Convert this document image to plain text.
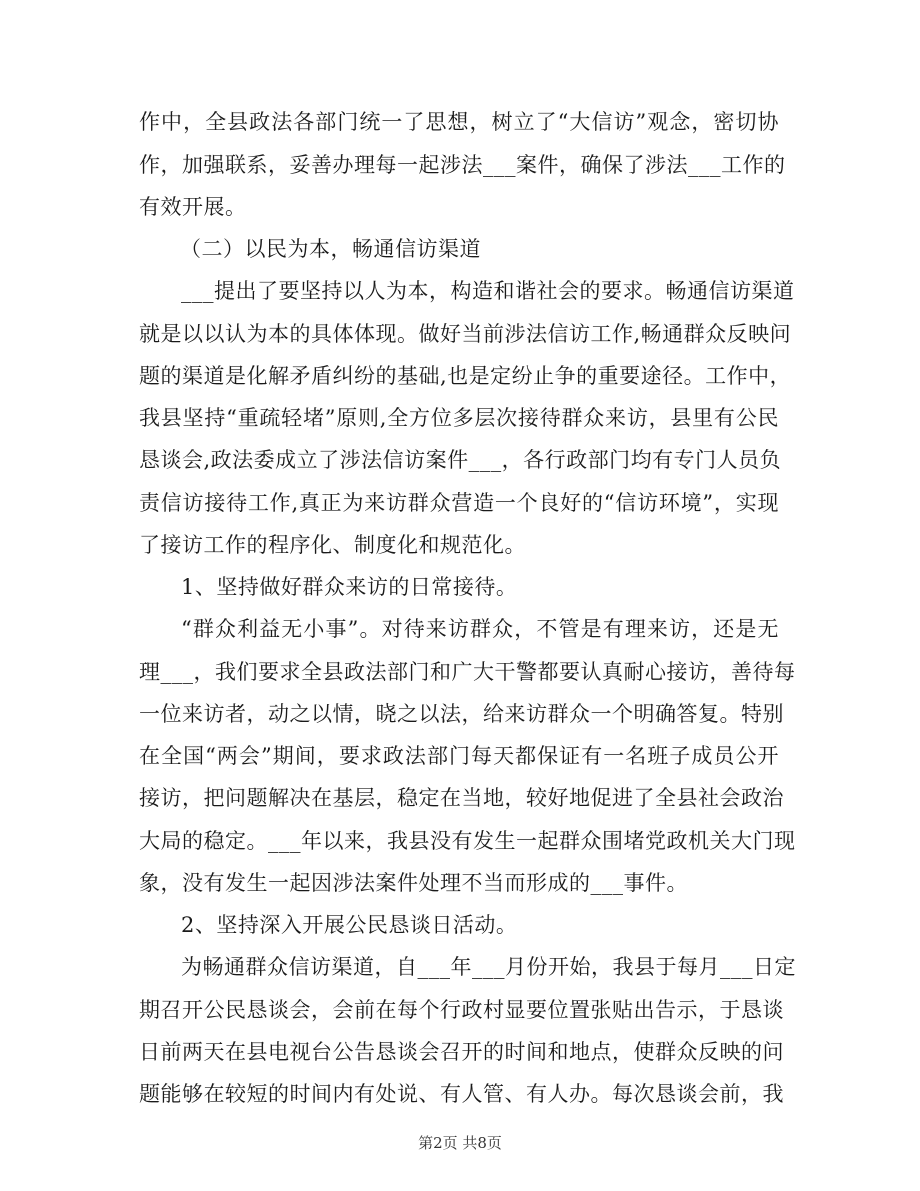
作中，全县政法各部门统一了思想，树立了“大信访”观念，密切协
作，加强联系，妥善办理每一起涉法___案件，确保了涉法___工作的
有效开展。
（二）以民为本，畅通信访渠道
___提出了要坚持以人为本，构造和谐社会的要求。畅通信访渠道
就是以以认为本的具体体现。做好当前涉法信访工作,畅通群众反映问
题的渠道是化解矛盾纠纷的基础,也是定纷止争的重要途径。工作中，
我县坚持“重疏轻堵”原则,全方位多层次接待群众来访，县里有公民
恳谈会,政法委成立了涉法信访案件___，各行政部门均有专门人员负
责信访接待工作,真正为来访群众营造一个良好的“信访环境”，实现
了接访工作的程序化、制度化和规范化。
1、坚持做好群众来访的日常接待。
“群众利益无小事”。对待来访群众，不管是有理来访，还是无
理___，我们要求全县政法部门和广大干警都要认真耐心接访，善待每
一位来访者，动之以情，晓之以法，给来访群众一个明确答复。特别
在全国“两会”期间，要求政法部门每天都保证有一名班子成员公开
接访，把问题解决在基层，稳定在当地，较好地促进了全县社会政治
大局的稳定。___年以来，我县没有发生一起群众围堵党政机关大门现
象，没有发生一起因涉法案件处理不当而形成的___事件。
2、坚持深入开展公民恳谈日活动。
为畅通群众信访渠道，自___年___月份开始，我县于每月___日定
期召开公民恳谈会，会前在每个行政村显要位置张贴出告示，于恳谈
日前两天在县电视台公告恳谈会召开的时间和地点，使群众反映的问
题能够在较短的时间内有处说、有人管、有人办。每次恳谈会前，我
第2页 共8页
